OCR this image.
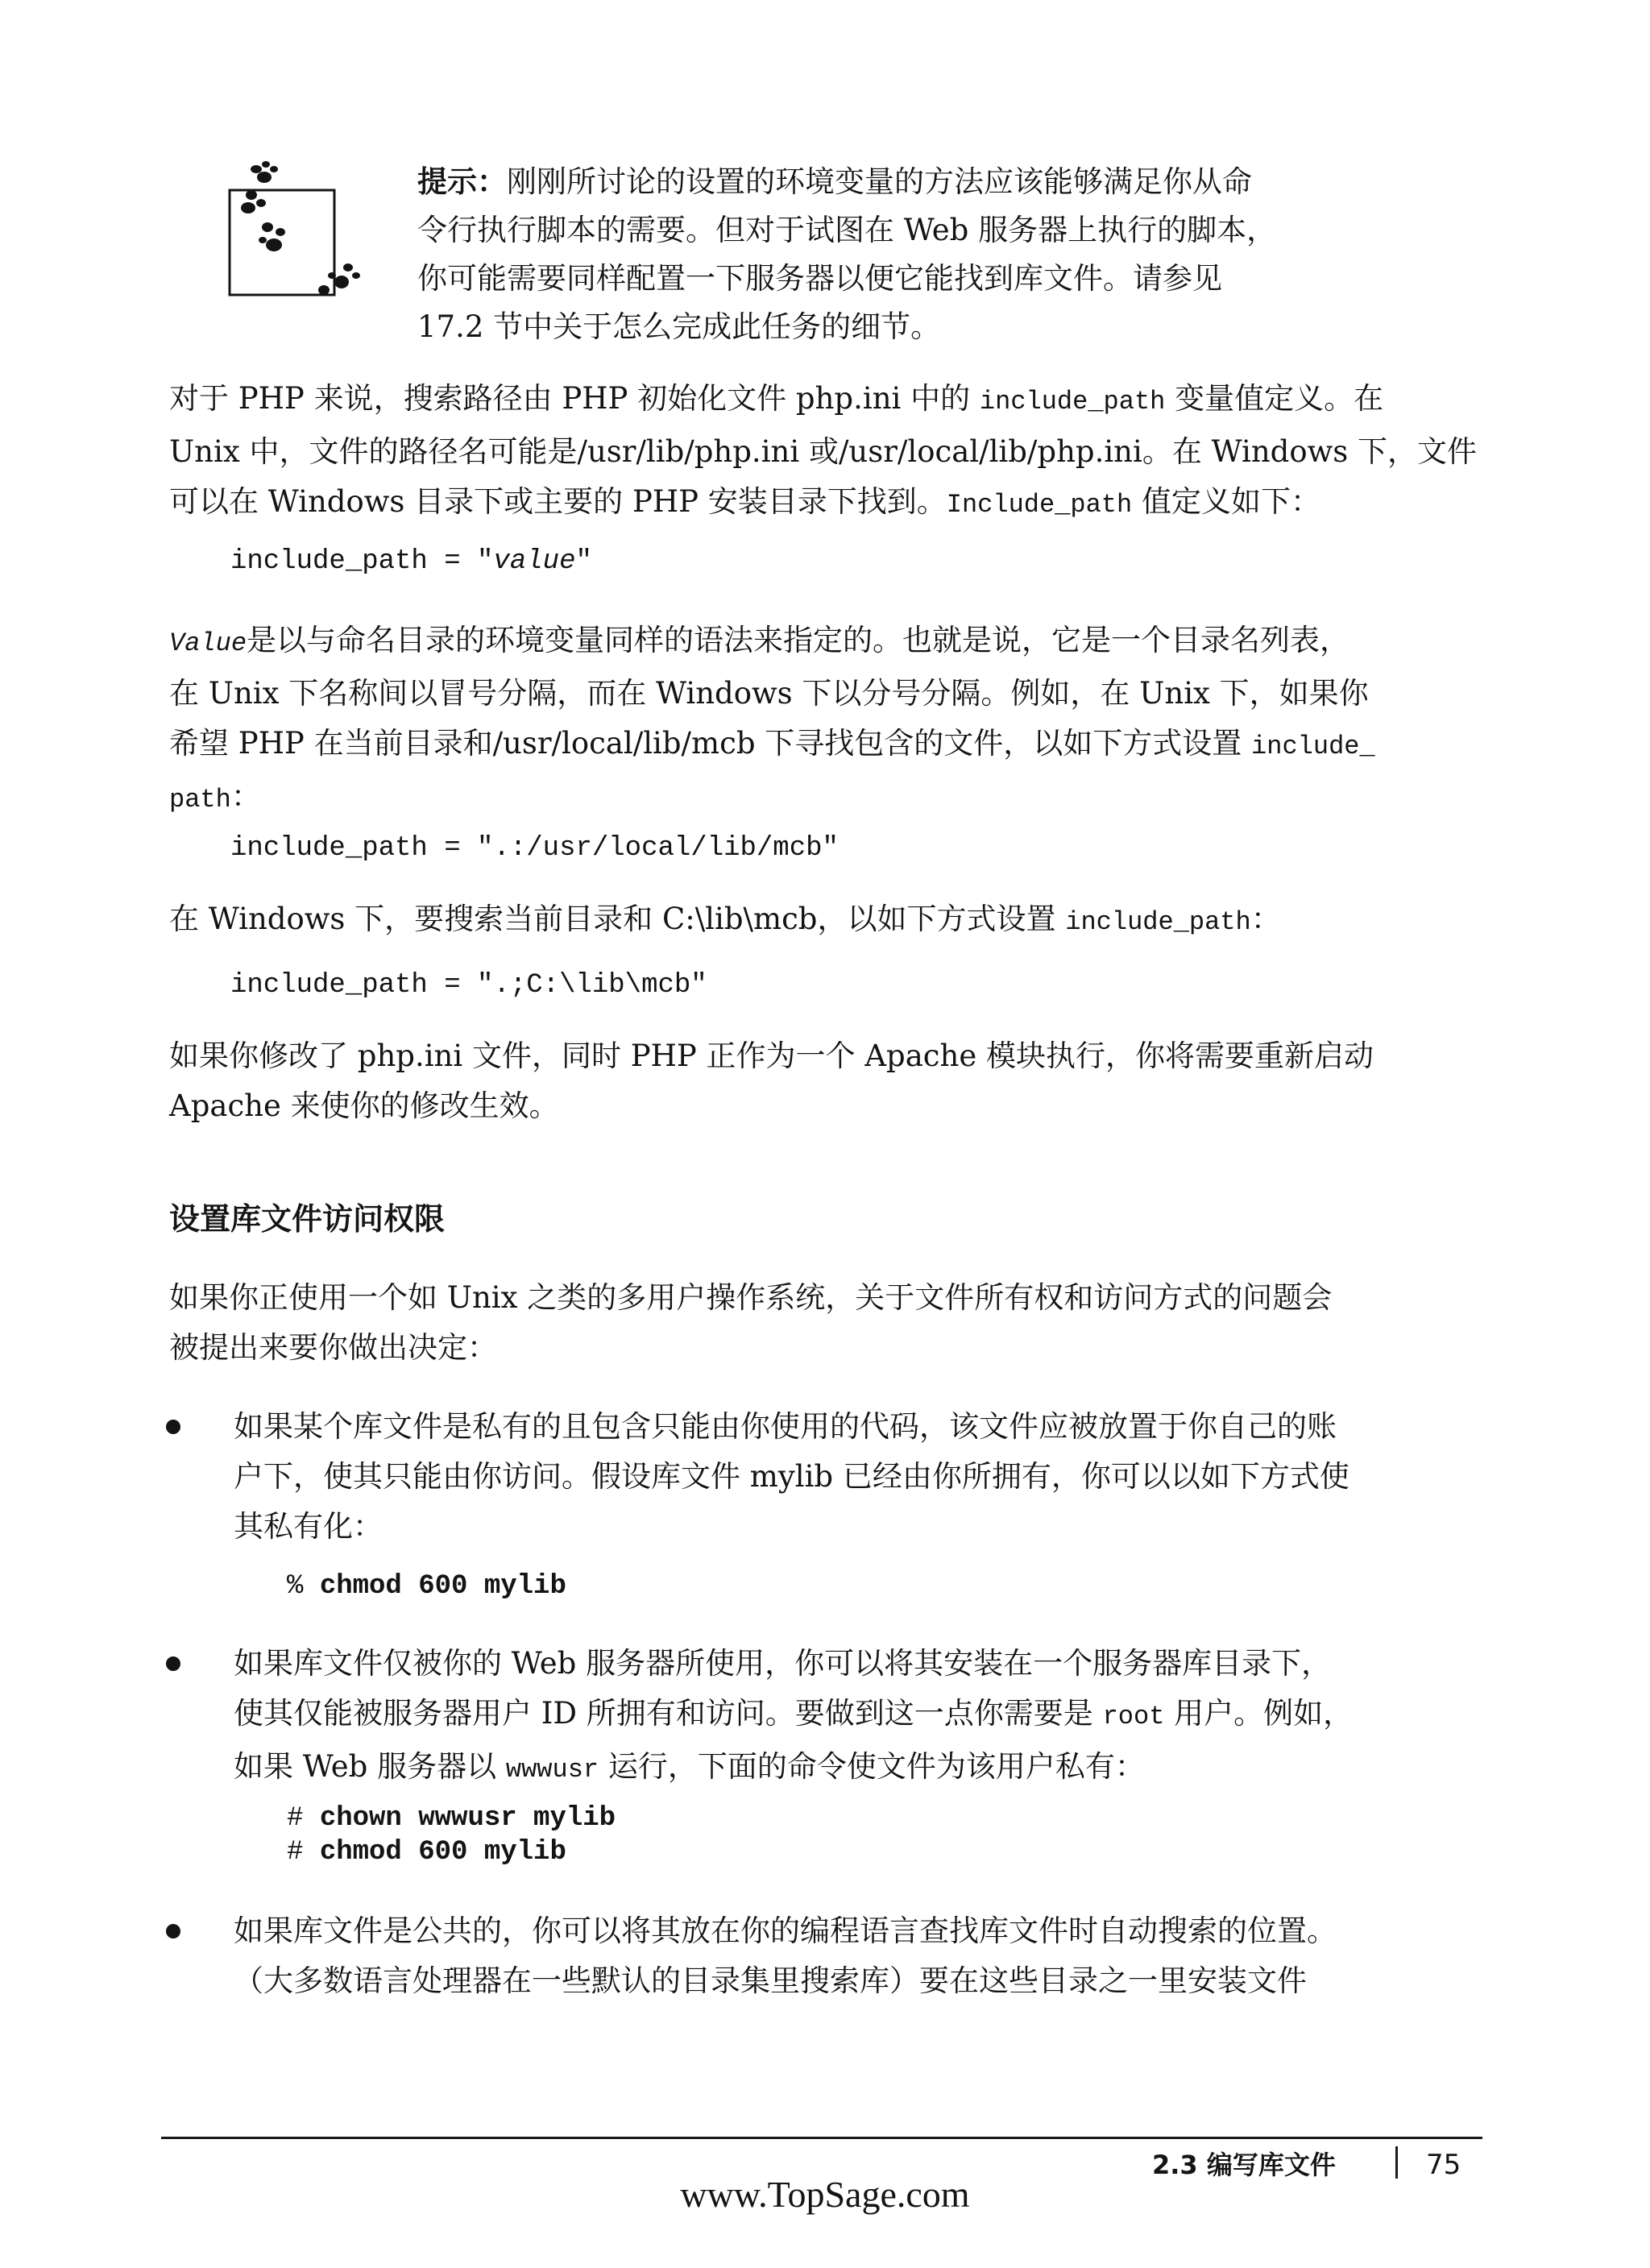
提示：刚刚所讨论的设置的环境变量的方法应该能够满足你从命

令行执行脚本的需要。但对于试图在 Web 服务器上执行的脚本，

你可能需要同样配置一下服务器以便它能找到库文件。请参见

17.2 节中关于怎么完成此任务的细节。

对于 PHP 来说，搜索路径由 PHP 初始化文件 php.ini 中的 include_path 变量值定义。在

Unix 中，文件的路径名可能是/usr/lib/php.ini 或/usr/local/lib/php.ini。在 Windows 下，文件

可以在 Windows 目录下或主要的 PHP 安装目录下找到。Include_path 值定义如下：

include_path = "value"

Value是以与命名目录的环境变量同样的语法来指定的。也就是说，它是一个目录名列表，

在 Unix 下名称间以冒号分隔，而在 Windows 下以分号分隔。例如，在 Unix 下，如果你

希望 PHP 在当前目录和/usr/local/lib/mcb 下寻找包含的文件，以如下方式设置 include_

path：

include_path = ".:/usr/local/lib/mcb"

在 Windows 下，要搜索当前目录和 C:\lib\mcb，以如下方式设置 include_path：

include_path = ".;C:\lib\mcb"

如果你修改了 php.ini 文件，同时 PHP 正作为一个 Apache 模块执行，你将需要重新启动

Apache 来使你的修改生效。

设置库文件访问权限

如果你正使用一个如 Unix 之类的多用户操作系统，关于文件所有权和访问方式的问题会

被提出来要你做出决定：

如果某个库文件是私有的且包含只能由你使用的代码，该文件应被放置于你自己的账

户下，使其只能由你访问。假设库文件 mylib 已经由你所拥有，你可以以如下方式使

其私有化：

% chmod 600 mylib

如果库文件仅被你的 Web 服务器所使用，你可以将其安装在一个服务器库目录下，

使其仅能被服务器用户 ID 所拥有和访问。要做到这一点你需要是 root 用户。例如，

如果 Web 服务器以 wwwusr 运行，下面的命令使文件为该用户私有：

# chown wwwusr mylib

# chmod 600 mylib

如果库文件是公共的，你可以将其放在你的编程语言查找库文件时自动搜索的位置。

（大多数语言处理器在一些默认的目录集里搜索库）要在这些目录之一里安装文件

2.3 编写库文件	75
www.TopSage.com
